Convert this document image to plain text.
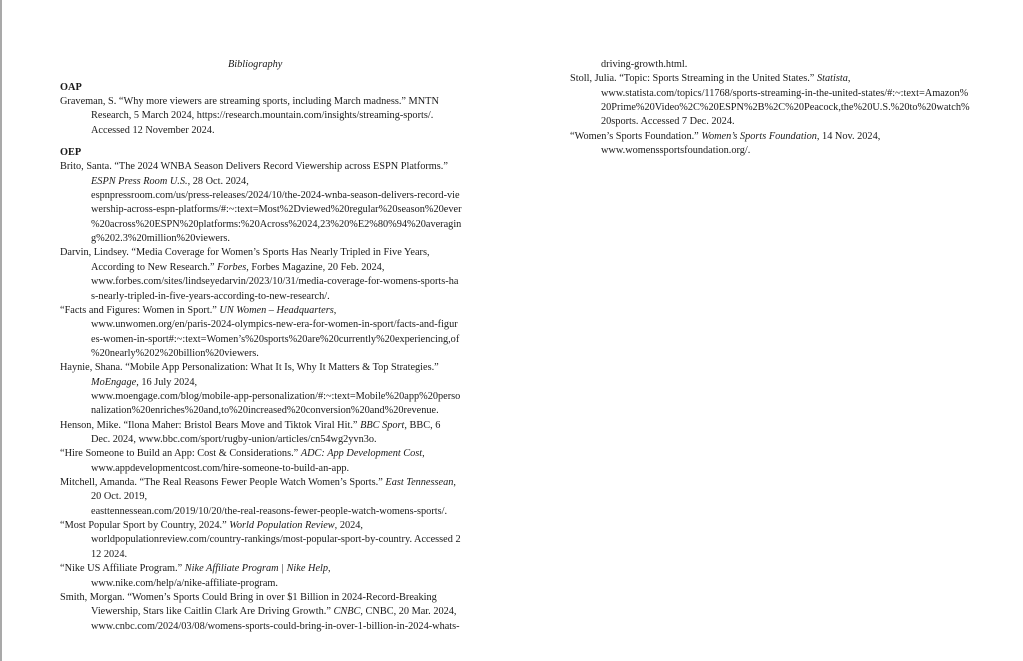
Bibliography
OAP
Graveman, S. “Why more viewers are streaming sports, including March madness.” MNTN
Research, 5 March 2024, https://research.mountain.com/insights/streaming-sports/.
Accessed 12 November 2024.
OEP
Brito, Santa. “The 2024 WNBA Season Delivers Record Viewership across ESPN Platforms.”
ESPN Press Room U.S., 28 Oct. 2024,
espnpressroom.com/us/press-releases/2024/10/the-2024-wnba-season-delivers-record-vie
wership-across-espn-platforms/#:~:text=Most%2Dviewed%20regular%20season%20ever
%20across%20ESPN%20platforms:%20Across%2024,23%20%E2%80%94%20averagin
g%202.3%20million%20viewers.
Darvin, Lindsey. “Media Coverage for Women’s Sports Has Nearly Tripled in Five Years,
According to New Research.” Forbes, Forbes Magazine, 20 Feb. 2024,
www.forbes.com/sites/lindseyedarvin/2023/10/31/media-coverage-for-womens-sports-ha
s-nearly-tripled-in-five-years-according-to-new-research/.
“Facts and Figures: Women in Sport.” UN Women – Headquarters,
www.unwomen.org/en/paris-2024-olympics-new-era-for-women-in-sport/facts-and-figur
es-women-in-sport#:~:text=Women’s%20sports%20are%20currently%20experiencing,of
%20nearly%202%20billion%20viewers.
Haynie, Shana. “Mobile App Personalization: What It Is, Why It Matters & Top Strategies.”
MoEngage, 16 July 2024,
www.moengage.com/blog/mobile-app-personalization/#:~:text=Mobile%20app%20perso
nalization%20enriches%20and,to%20increased%20conversion%20and%20revenue.
Henson, Mike. “Ilona Maher: Bristol Bears Move and Tiktok Viral Hit.” BBC Sport, BBC, 6
Dec. 2024, www.bbc.com/sport/rugby-union/articles/cn54wg2yvn3o.
“Hire Someone to Build an App: Cost & Considerations.” ADC: App Development Cost,
www.appdevelopmentcost.com/hire-someone-to-build-an-app.
Mitchell, Amanda. “The Real Reasons Fewer People Watch Women’s Sports.” East Tennessean,
20 Oct. 2019,
easttennessean.com/2019/10/20/the-real-reasons-fewer-people-watch-womens-sports/.
“Most Popular Sport by Country, 2024.” World Population Review, 2024,
worldpopulationreview.com/country-rankings/most-popular-sport-by-country. Accessed 2
12 2024.
“Nike US Affiliate Program.” Nike Affiliate Program | Nike Help,
www.nike.com/help/a/nike-affiliate-program.
Smith, Morgan. “Women’s Sports Could Bring in over $1 Billion in 2024-Record-Breaking
Viewership, Stars like Caitlin Clark Are Driving Growth.” CNBC, CNBC, 20 Mar. 2024,
www.cnbc.com/2024/03/08/womens-sports-could-bring-in-over-1-billion-in-2024-whats-
driving-growth.html.
Stoll, Julia. “Topic: Sports Streaming in the United States.” Statista,
www.statista.com/topics/11768/sports-streaming-in-the-united-states/#:~:text=Amazon%
20Prime%20Video%2C%20ESPN%2B%2C%20Peacock,the%20U.S.%20to%20watch%
20sports. Accessed 7 Dec. 2024.
“Women’s Sports Foundation.” Women’s Sports Foundation, 14 Nov. 2024,
www.womenssportsfoundation.org/.
